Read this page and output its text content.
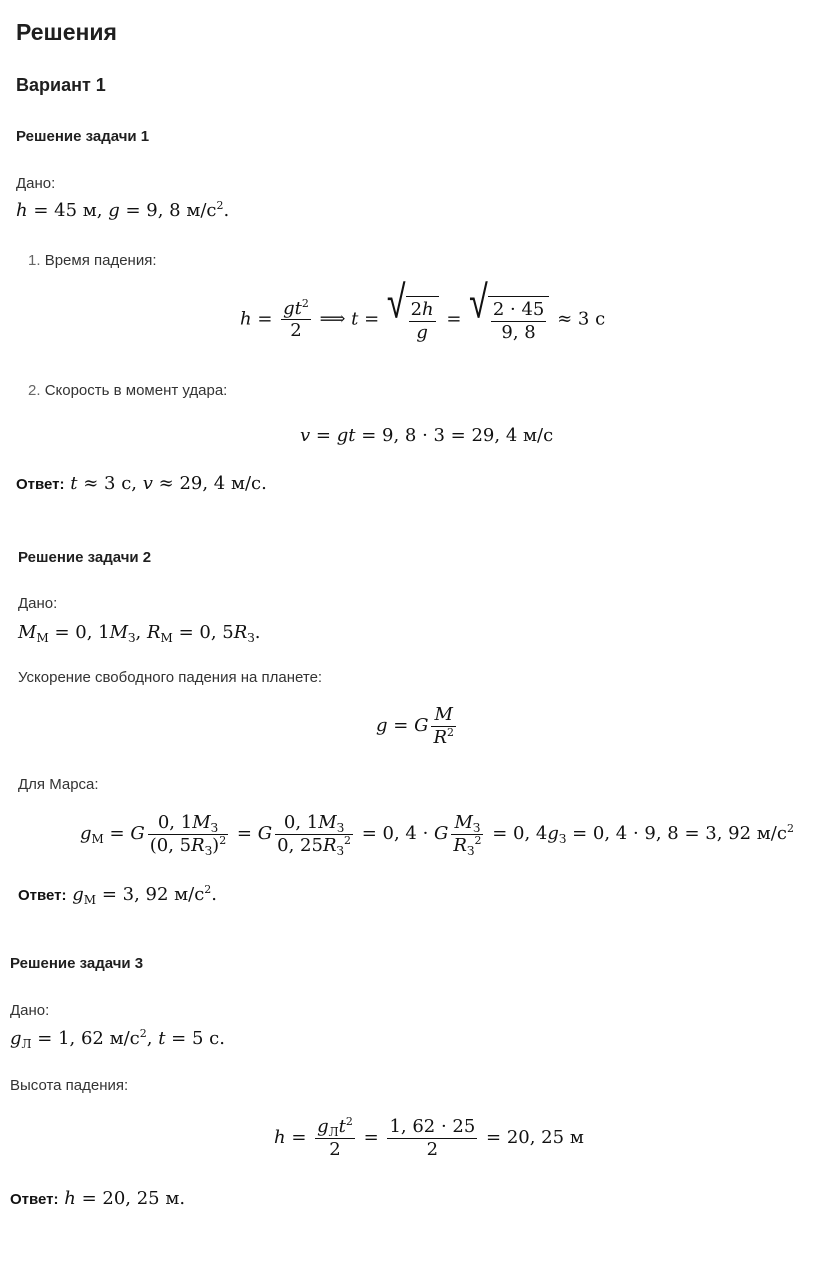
Решения
Вариант 1
Решение задачи 1
Дано:
h = 45 м, g = 9, 8 $м/с^2$.
1. Время падения:
$h = \frac{gt^2}{2}$ ⟹ t = √ $\frac{2h}{g}$ = √ $\frac{2 \cdot 45}{9, 8} \approx 3$ с
2. Скорость в момент удара:
v = gt = 9, 8 · 3 = 29, 4 м/с
Ответ: t ≈ 3 с, v ≈ 29, 4 м/с.
Решение задачи 2
Дано:
$M_М = 0$, $1M_З$, $R_М = 0$, $5R_З$.
Ускорение свободного падения на планете:
g = G $\frac{M}{R^2}$
Для Марса:
$g_М = G \frac{0, 1M_З}{(0, 5R_З)^2} = G \frac{0, 1M_З}{0, 25R_З^2} = 0$, 4 · G $\frac{M_З}{R_З^2} = 0$, $4g_З = 0$, 4 · 9, 8 = 3, 92 $м/с^2$
Ответ: $g_М = 3$, 92 $м/с^2$.
Решение задачи 3
Дано:
$g_Л = 1$, 62 $м/с^2$, t = 5 с.
Высота падения:
$h = \frac{g_Лt^2}{2} = \frac{1, 62 \cdot 25}{2} = 20$, 25 м
Ответ: h = 20, 25 м.
